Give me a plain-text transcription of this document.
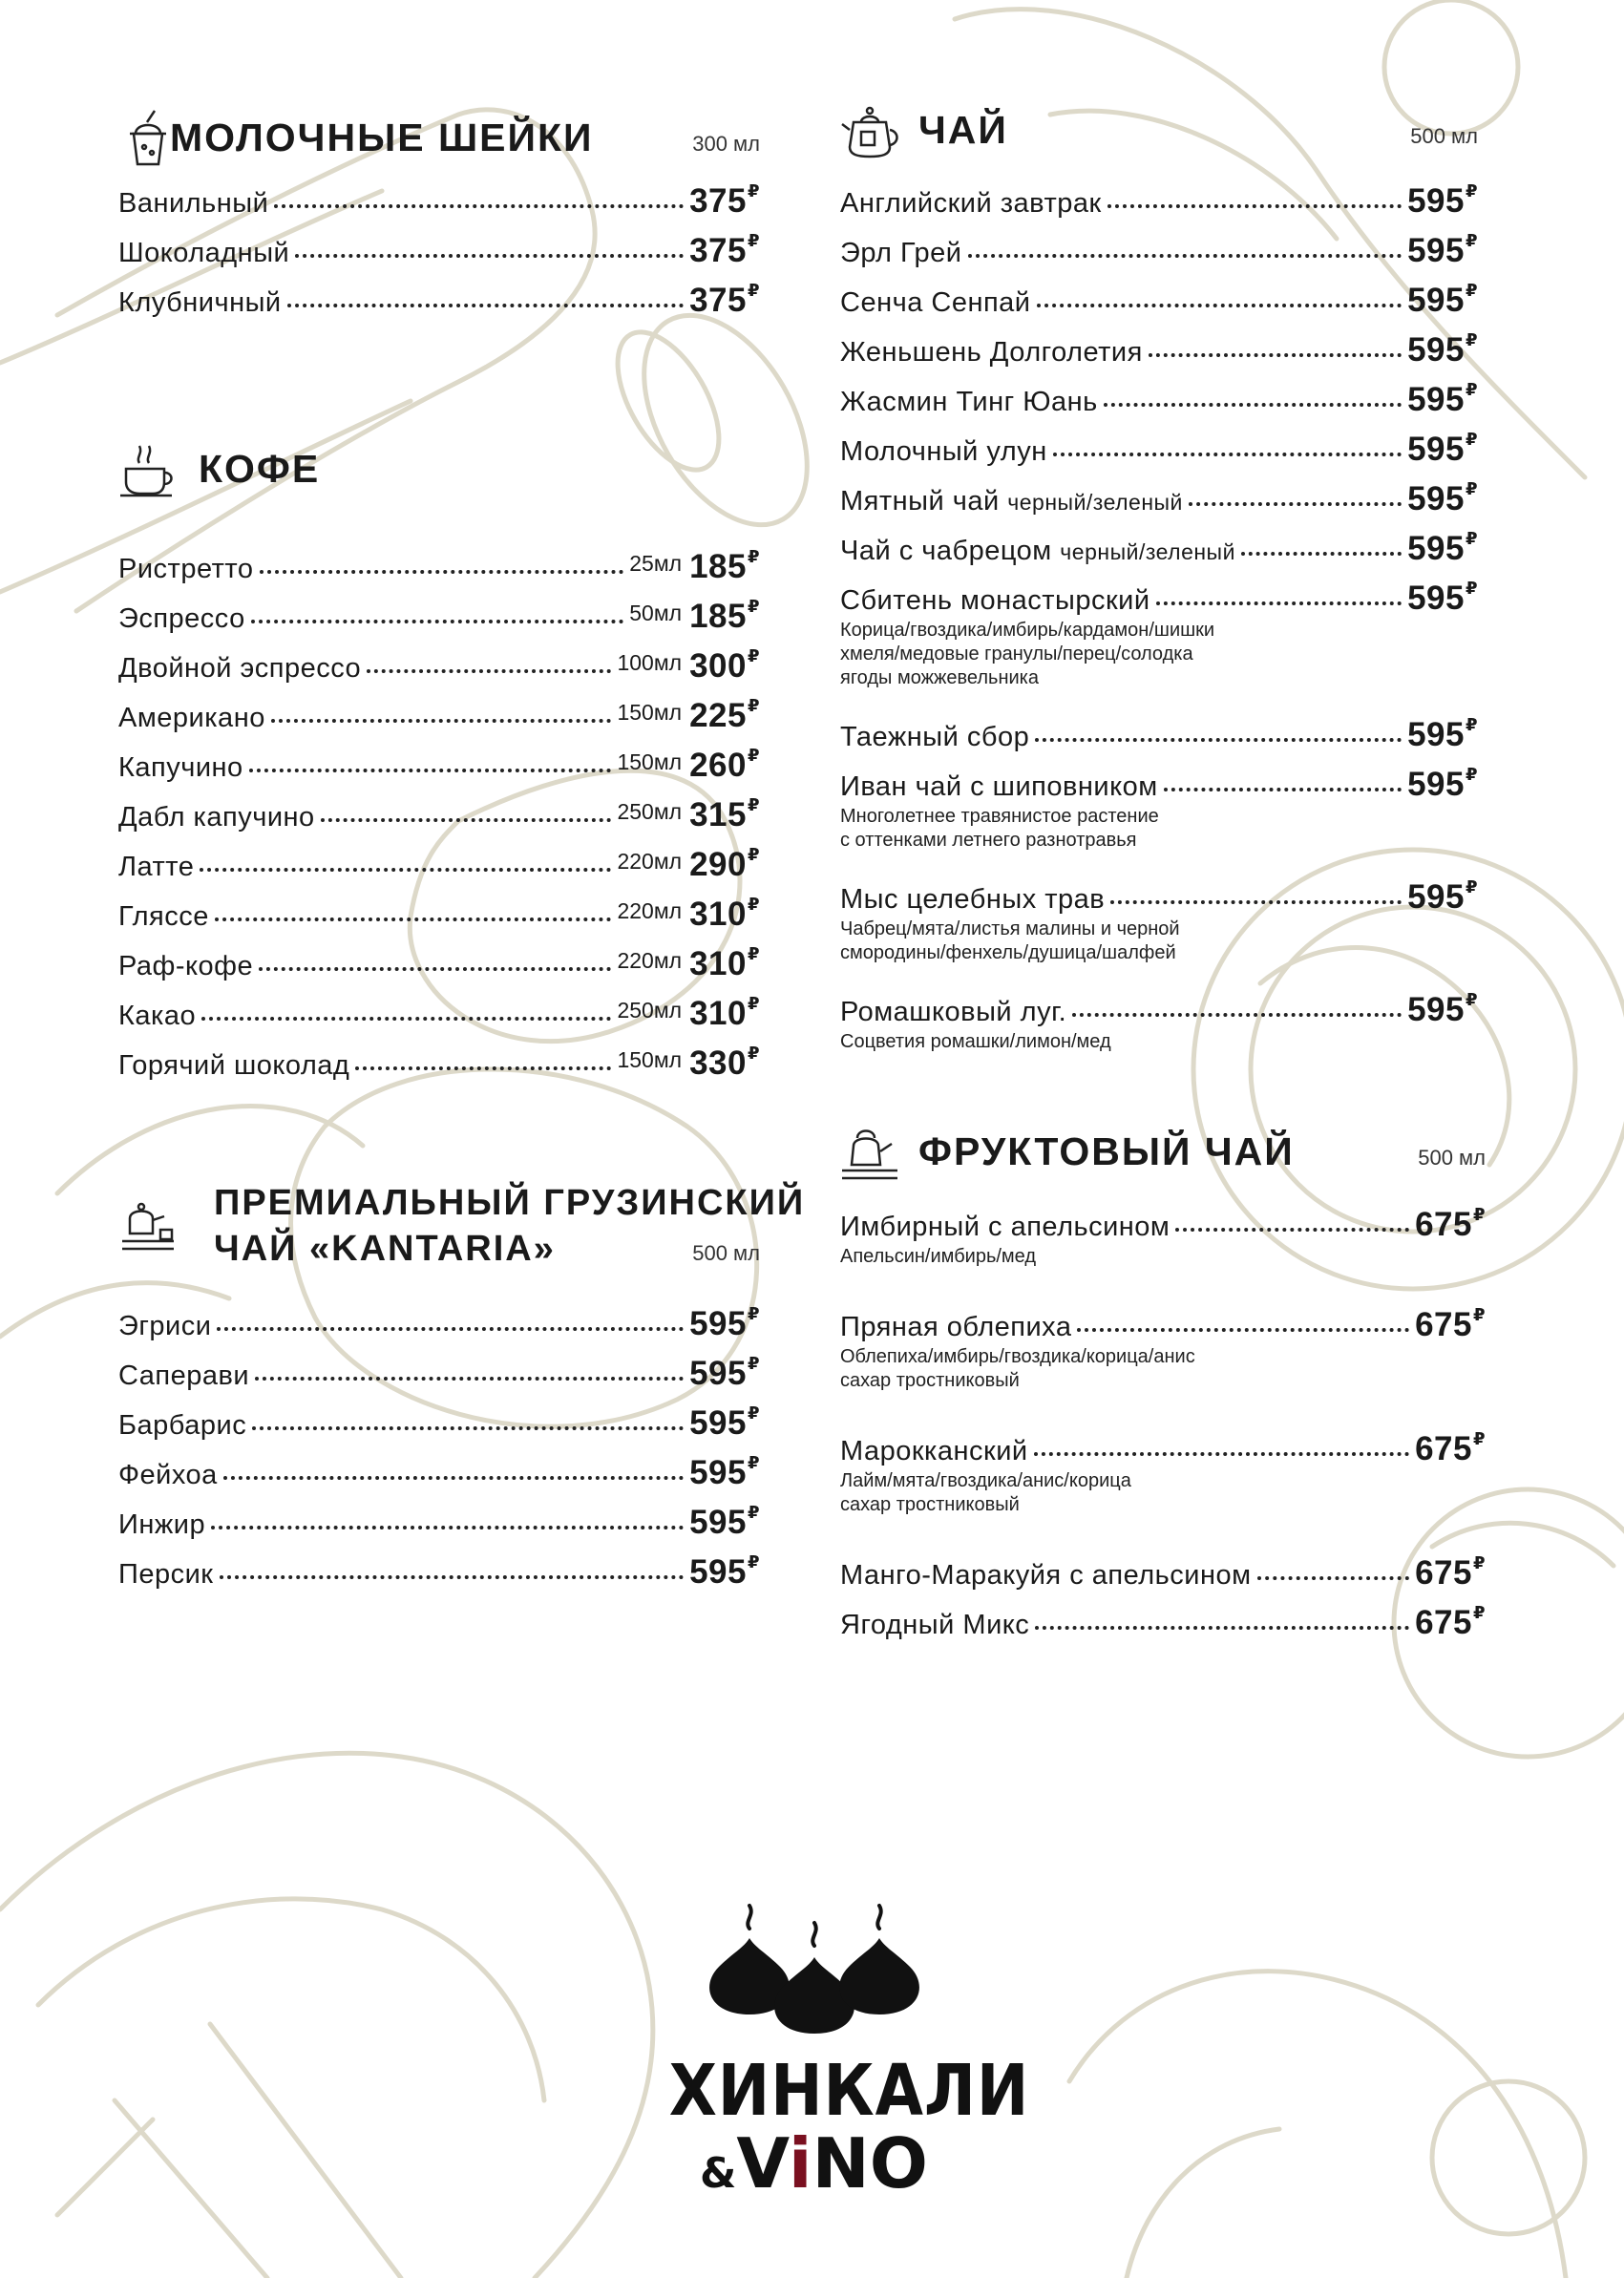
МОЛОЧНЫЕ ШЕЙКИ	300 мл
Ванильный	375₽
Шоколадный	375₽
Клубничный	375₽
КОФЕ
Ристретто	25мл 185₽
Эспрессо	50мл 185₽
Двойной эспрессо	100мл 300₽
Американо	150мл 225₽
Капучино	150мл 260₽
Дабл капучино	250мл 315₽
Латте	220мл 290₽
Гляссе	220мл 310₽
Раф-кофе	220мл 310₽
Какао	250мл 310₽
Горячий шоколад	150мл 330₽
ПРЕМИАЛЬНЫЙ ГРУЗИНСКИЙ
ЧАЙ «KANTARIA»	500 мл
Эгриси	595₽
Саперави	595₽
Барбарис	595₽
Фейхоа	595₽
Инжир	595₽
Персик	595₽
ЧАЙ	500 мл
Английский завтрак	595₽
Эрл Грей	595₽
Сенча Сенпай	595₽
Женьшень Долголетия	595₽
Жасмин Тинг Юань	595₽
Молочный улун	595₽
Мятный чай черный/зеленый	595₽
Чай с чабрецом черный/зеленый	595₽
Сбитень монастырский	595₽
Корица/гвоздика/имбирь/кардамон/шишки
хмеля/медовые гранулы/перец/солодка
ягоды можжевельника
Таежный сбор	595₽
Иван чай с шиповником	595₽
Многолетнее травянистое растение
с оттенками летнего разнотравья
Мыс целебных трав	595₽
Чабрец/мята/листья малины и черной
смородины/фенхель/душица/шалфей
Ромашковый луг.	595₽
Соцветия ромашки/лимон/мед
ФРУКТОВЫЙ ЧАЙ	500 мл
Имбирный с апельсином	675₽
Апельсин/имбирь/мед
Пряная облепиха	675₽
Облепиха/имбирь/гвоздика/корица/анис
сахар тростниковый
Марокканский	675₽
Лайм/мята/гвоздика/анис/корица
сахар тростниковый
Манго-Маракуйя с апельсином	675₽
Ягодный Микс	675₽
ХИНКАЛИ
&ViNO
